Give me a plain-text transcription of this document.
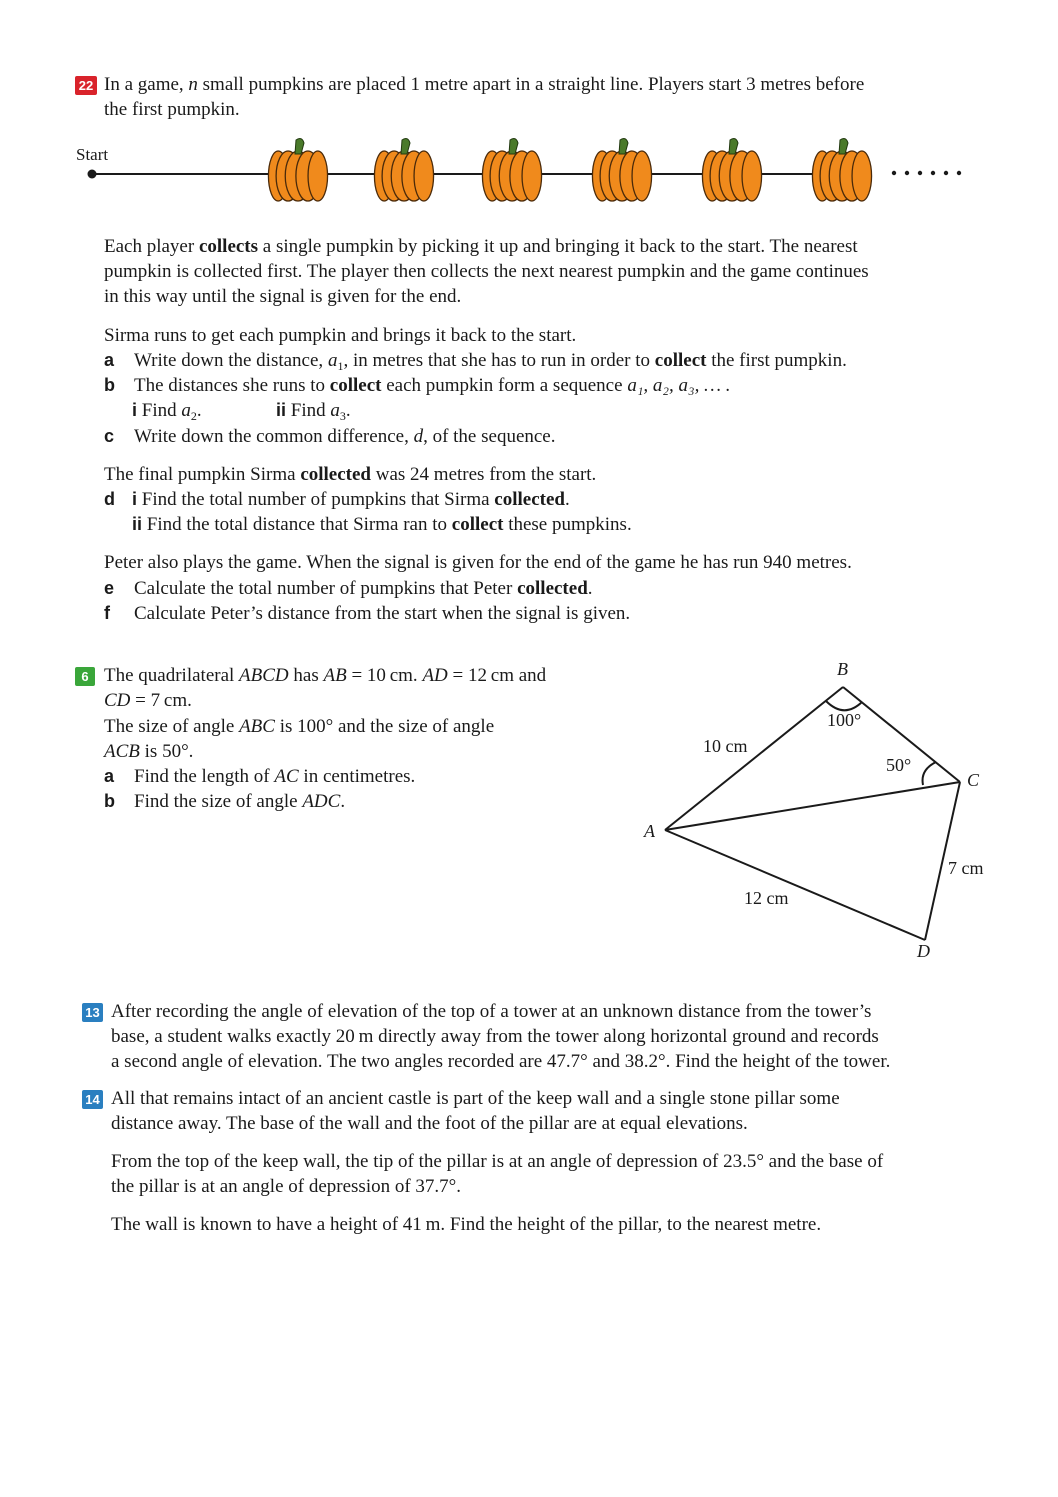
22 In a game, n small pumpkins are placed 1 metre apart in a straight line. Players start 3 metres before
the first pumpkin.
Start
Each player collects a single pumpkin by picking it up and bringing it back to the start. The nearest
pumpkin is collected first. The player then collects the next nearest pumpkin and the game continues
in this way until the signal is given for the end.
Sirma runs to get each pumpkin and brings it back to the start.
a Write down the distance, $a_1$, in metres that she has to run in order to collect the first pumpkin.
b The distances she runs to collect each pumpkin form a sequence a₁, a₂, a₃, … .
i Find $a_2$.	ii Find $a_3$.
c Write down the common difference, d, of the sequence.
The final pumpkin Sirma collected was 24 metres from the start.
d i Find the total number of pumpkins that Sirma collected.
ii Find the total distance that Sirma ran to collect these pumpkins.
Peter also plays the game. When the signal is given for the end of the game he has run 940 metres.
e Calculate the total number of pumpkins that Peter collected.
f Calculate Peter’s distance from the start when the signal is given.
6 The quadrilateral ABCD has AB = 10 cm. AD = 12 cm and
CD = 7 cm.
The size of angle ABC is 100° and the size of angle
ACB is 50°.
a Find the length of AC in centimetres.
b Find the size of angle ADC.
A
B
C
D
10 cm
12 cm
7 cm
100°
50°
13 After recording the angle of elevation of the top of a tower at an unknown distance from the tower’s
base, a student walks exactly 20 m directly away from the tower along horizontal ground and records
a second angle of elevation. The two angles recorded are 47.7° and 38.2°. Find the height of the tower.
14 All that remains intact of an ancient castle is part of the keep wall and a single stone pillar some
distance away. The base of the wall and the foot of the pillar are at equal elevations.
From the top of the keep wall, the tip of the pillar is at an angle of depression of 23.5° and the base of
the pillar is at an angle of depression of 37.7°.
The wall is known to have a height of 41 m. Find the height of the pillar, to the nearest metre.
